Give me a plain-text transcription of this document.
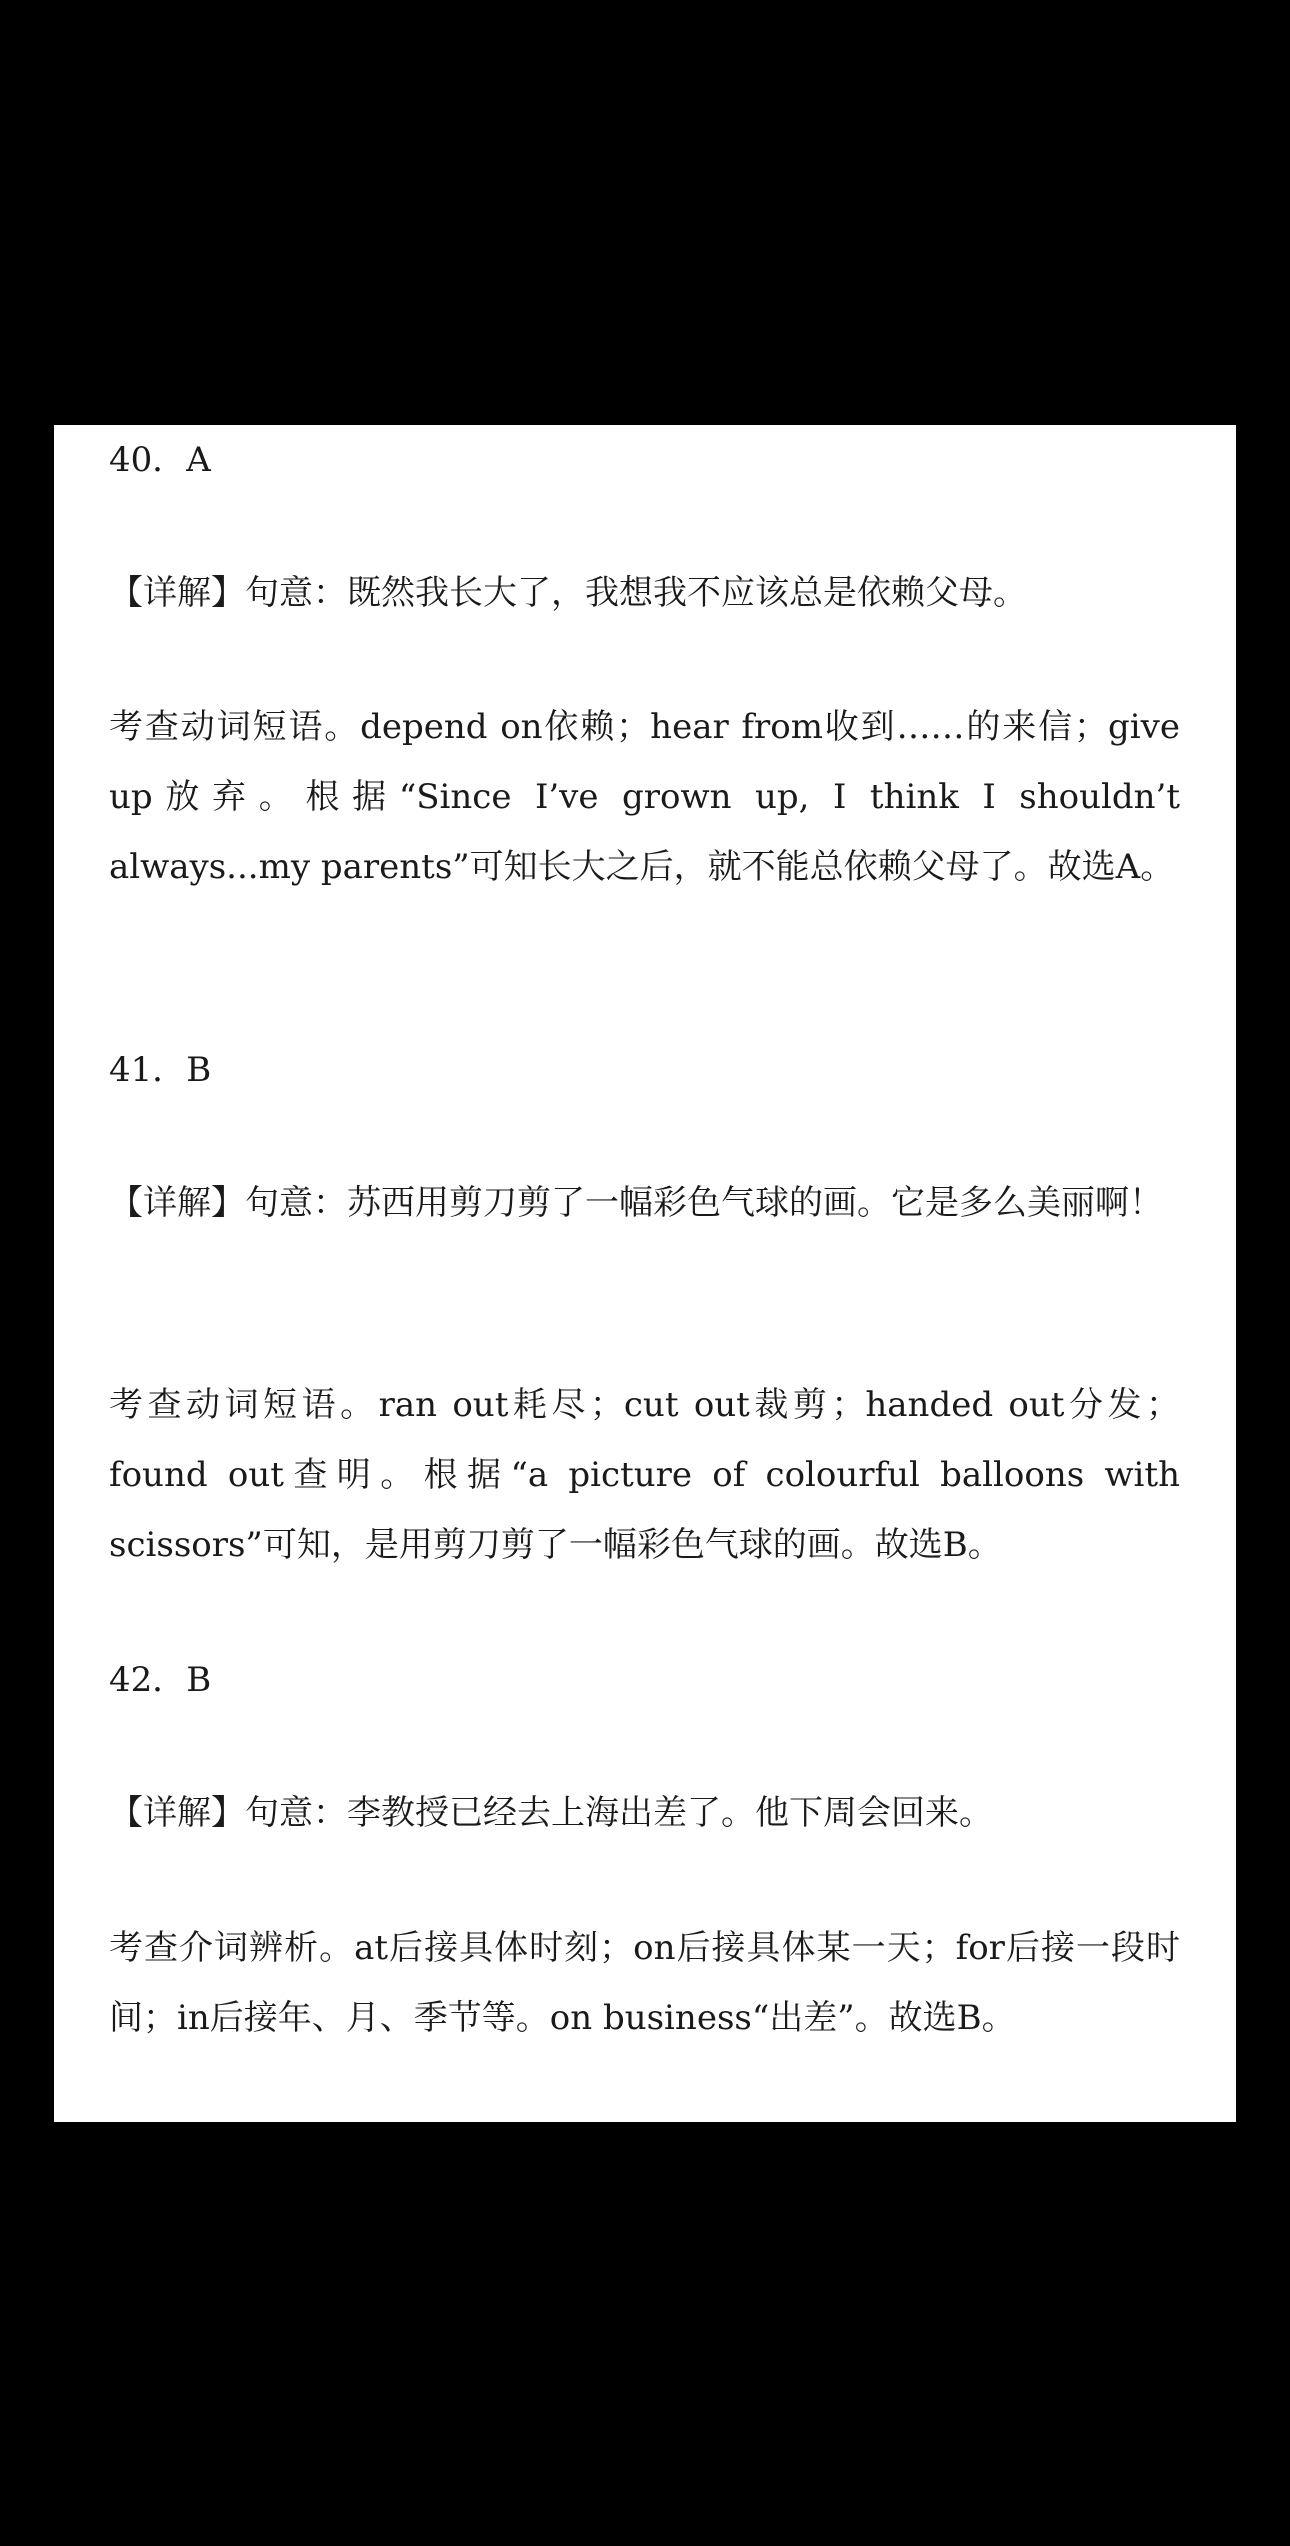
40．A

【详解】句意：既然我长大了，我想我不应该总是依赖父母。

考查动词短语。depend on依赖；hear from收到……的来信；give up放弃。根据“Since I’ve grown up, I think I shouldn’t always...my parents”可知长大之后，就不能总依赖父母了。故选A。

41．B

【详解】句意：苏西用剪刀剪了一幅彩色气球的画。它是多么美丽啊！

考查动词短语。ran out耗尽；cut out裁剪；handed out分发；found out查明。根据“a picture of colourful balloons with scissors”可知，是用剪刀剪了一幅彩色气球的画。故选B。

42．B

【详解】句意：李教授已经去上海出差了。他下周会回来。

考查介词辨析。at后接具体时刻；on后接具体某一天；for后接一段时间；in后接年、月、季节等。on business“出差”。故选B。
